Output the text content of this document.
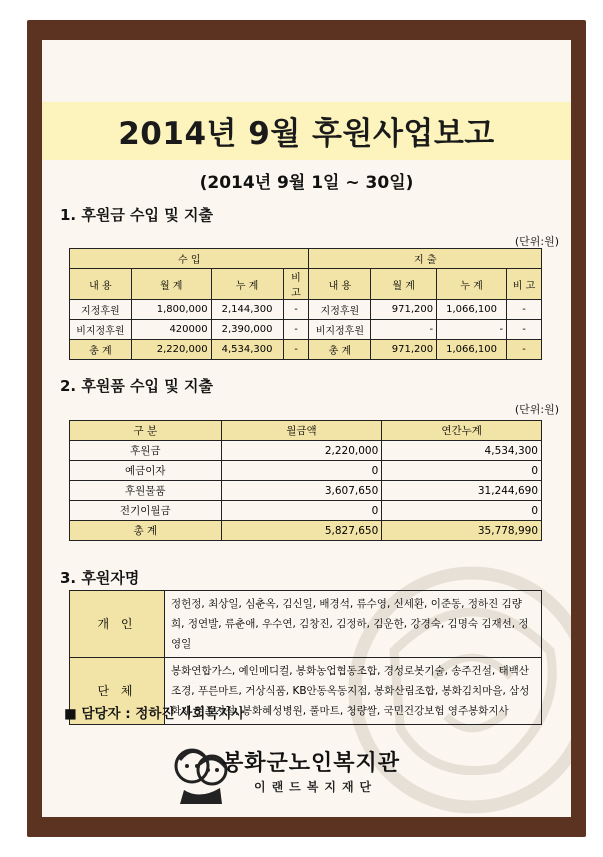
2014년 9월 후원사업보고
(2014년 9월 1일 ~ 30일)
1. 후원금 수입 및 지출
(단위:원)
수 입				지 출			
내 용	월 계	누 계	비 고	내 용	월 계	누 계	비 고
지정후원	1,800,000	2,144,300	-	지정후원	971,200	1,066,100	-
비지정후원	420000	2,390,000	-	비지정후원	-	-	-
총 계	2,220,000	4,534,300	-	총 계	971,200	1,066,100	-
2. 후원품 수입 및 지출
(단위:원)
구 분	월금액	연간누계
후원금	2,220,000	4,534,300
예금이자	0	0
후원물품	3,607,650	31,244,690
전기이월금	0	0
총 계	5,827,650	35,778,990
3. 후원자명
개 인	정헌정, 최상일, 심춘옥, 김신일, 배경석, 류수영, 신세환, 이준동, 정하진 김량희, 정연발, 류춘애, 우수연, 김창진, 김정하, 김운한, 강경숙, 김명숙 김재선, 정영일
단 체	봉화연합가스, 예인메디컬, 봉화농업협동조합, 경성로봇기술, 송주건설, 태백산조경, 푸른마트, 거상식품, KB안동옥동지점, 봉화산림조합, 봉화김치마을, 삼성화재 영주지점, 봉화혜성병원, 풀마트, 청량쌀, 국민건강보험 영주봉화지사
■ 담당자 : 정하진 사회복지사
봉화군노인복지관
이랜드복지재단
